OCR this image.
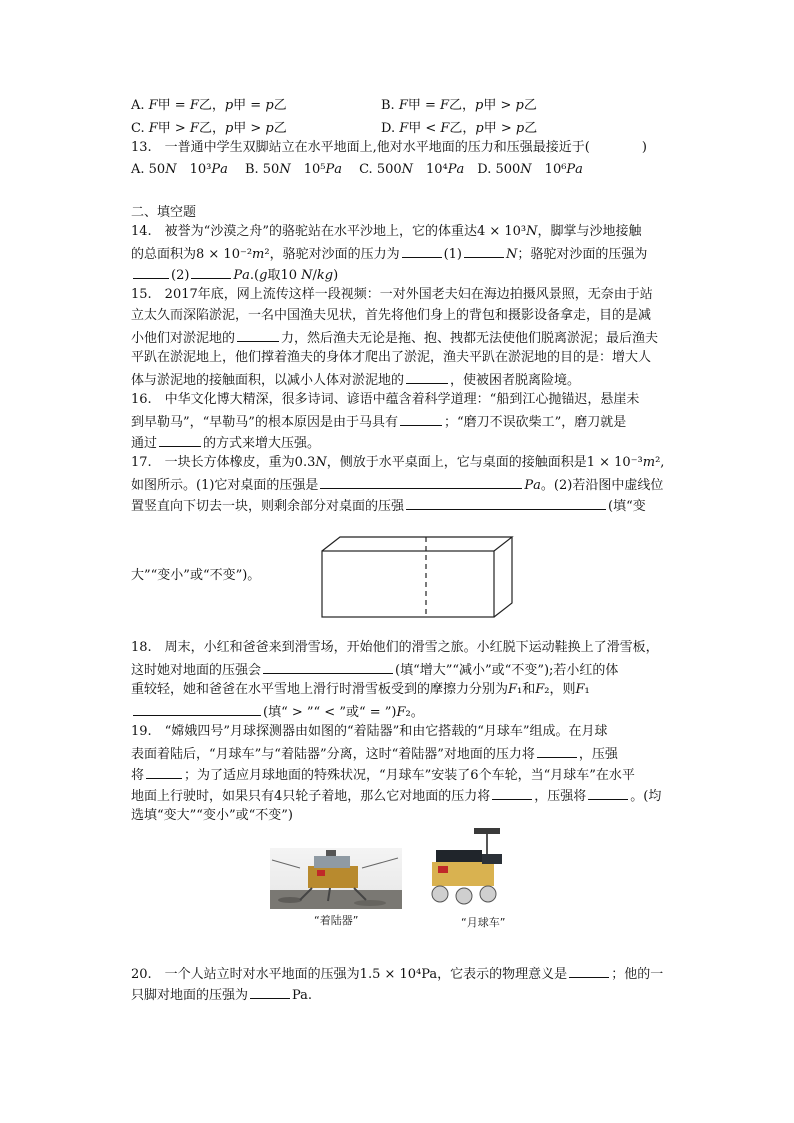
A. 𝐹甲 = 𝐹乙，𝑝甲 = 𝑝乙	B. 𝐹甲 = 𝐹乙，𝑝甲 > 𝑝乙
C. 𝐹甲 > 𝐹乙，𝑝甲 > 𝑝乙	D. 𝐹甲 < 𝐹乙，𝑝甲 > 𝑝乙
13.　一普通中学生双脚站立在水平地面上,他对水平地面的压力和压强最接近于(　　　　)
A. 50𝑁　10³𝑃𝑎　 B. 50𝑁　10⁵𝑃𝑎　 C. 500𝑁　10⁴𝑃𝑎　D. 500𝑁　10⁶𝑃𝑎
二、填空题
14.　被誉为“沙漠之舟”的骆驼站在水平沙地上，它的体重达4 × 10³𝑁，脚掌与沙地接触
的总面积为8 × 10⁻²𝑚²，骆驼对沙面的压力为	(1)	𝑁；骆驼对沙面的压强为
(2)	𝑃𝑎.(𝑔取10 𝑁/𝑘𝑔)
15.　2017年底，网上流传这样一段视频：一对外国老夫妇在海边拍摄风景照，无奈由于站
立太久而深陷淤泥，一名中国渔夫见状，首先将他们身上的背包和摄影设备拿走，目的是减
小他们对淤泥地的	力，然后渔夫无论是拖、抱、拽都无法使他们脱离淤泥；最后渔夫
平趴在淤泥地上，他们撑着渔夫的身体才爬出了淤泥，渔夫平趴在淤泥地的目的是：增大人
体与淤泥地的接触面积，以减小人体对淤泥地的	，使被困者脱离险境。
16.　中华文化博大精深，很多诗词、谚语中蕴含着科学道理：“船到江心抛锚迟，悬崖未
到早勒马”，“早勒马”的根本原因是由于马具有	；“磨刀不误砍柴工”，磨刀就是
通过	的方式来增大压强。
17.　一块长方体橡皮，重为0.3𝑁，侧放于水平桌面上，它与桌面的接触面积是1 × 10⁻³𝑚²,
如图所示。(1)它对桌面的压强是	𝑃𝑎。(2)若沿图中虚线位
置竖直向下切去一块，则剩余部分对桌面的压强	(填“变
大”“变小”或“不变”)。
18.　周末，小红和爸爸来到滑雪场，开始他们的滑雪之旅。小红脱下运动鞋换上了滑雪板，
这时她对地面的压强会	(填“增大”“减小”或“不变”);若小红的体
重较轻，她和爸爸在水平雪地上滑行时滑雪板受到的摩擦力分别为𝐹₁和𝐹₂，则𝐹₁
(填“ > ”“ < ”或“ = ”)𝐹₂。
19.　“嫦娥四号”月球探测器由如图的“着陆器”和由它搭载的“月球车”组成。在月球
表面着陆后，“月球车”与“着陆器”分离，这时“着陆器”对地面的压力将	，压强
将	；为了适应月球地面的特殊状况，“月球车”安装了6个车轮，当“月球车”在水平
地面上行驶时，如果只有4只轮子着地，那么它对地面的压力将	，压强将	。(均
选填“变大”“变小”或“不变”)
“着陆器”	“月球车”
20.　一个人站立时对水平地面的压强为1.5 × 10⁴Pa，它表示的物理意义是	；他的一
只脚对地面的压强为	Pa.
